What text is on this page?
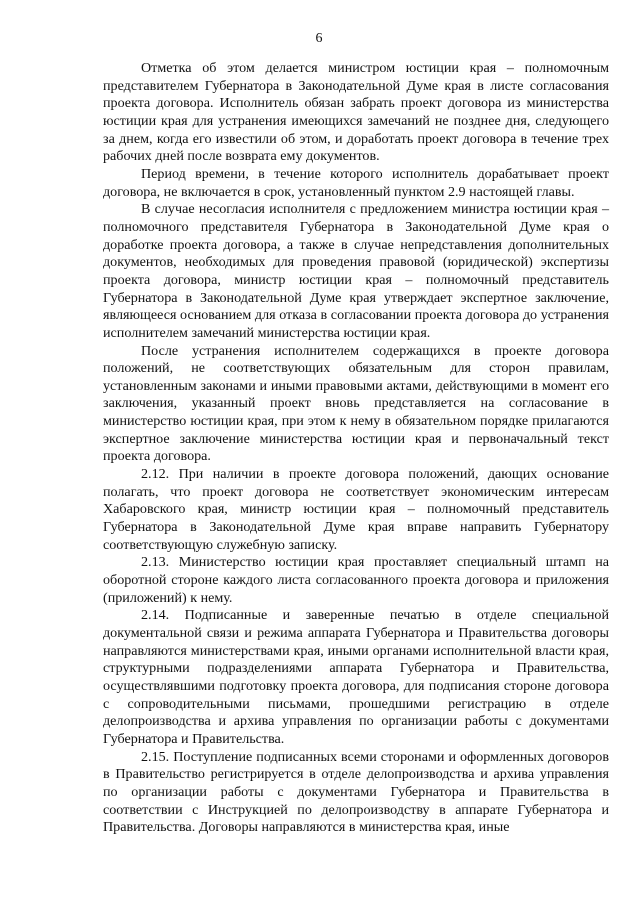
6

Отметка об этом делается министром юстиции края – полномочным представителем Губернатора в Законодательной Думе края в листе согласования проекта договора. Исполнитель обязан забрать проект договора из министерства юстиции края для устранения имеющихся замечаний не позднее дня, следующего за днем, когда его известили об этом, и доработать проект договора в течение трех рабочих дней после возврата ему документов.

Период времени, в течение которого исполнитель дорабатывает проект договора, не включается в срок, установленный пунктом 2.9 настоящей главы.

В случае несогласия исполнителя с предложением министра юстиции края – полномочного представителя Губернатора в Законодательной Думе края о доработке проекта договора, а также в случае непредставления дополнительных документов, необходимых для проведения правовой (юридической) экспертизы проекта договора, министр юстиции края – полномочный представитель Губернатора в Законодательной Думе края утверждает экспертное заключение, являющееся основанием для отказа в согласовании проекта договора до устранения исполнителем замечаний министерства юстиции края.

После устранения исполнителем содержащихся в проекте договора положений, не соответствующих обязательным для сторон правилам, установленным законами и иными правовыми актами, действующими в момент его заключения, указанный проект вновь представляется на согласование в министерство юстиции края, при этом к нему в обязательном порядке прилагаются экспертное заключение министерства юстиции края и первоначальный текст проекта договора.

2.12. При наличии в проекте договора положений, дающих основание полагать, что проект договора не соответствует экономическим интересам Хабаровского края, министр юстиции края – полномочный представитель Губернатора в Законодательной Думе края вправе направить Губернатору соответствующую служебную записку.

2.13. Министерство юстиции края проставляет специальный штамп на оборотной стороне каждого листа согласованного проекта договора и приложения (приложений) к нему.

2.14. Подписанные и заверенные печатью в отделе специальной документальной связи и режима аппарата Губернатора и Правительства договоры направляются министерствами края, иными органами исполнительной власти края, структурными подразделениями аппарата Губернатора и Правительства, осуществлявшими подготовку проекта договора, для подписания стороне договора с сопроводительными письмами, прошедшими регистрацию в отделе делопроизводства и архива управления по организации работы с документами Губернатора и Правительства.

2.15. Поступление подписанных всеми сторонами и оформленных договоров в Правительство регистрируется в отделе делопроизводства и архива управления по организации работы с документами Губернатора и Правительства в соответствии с Инструкцией по делопроизводству в аппарате Губернатора и Правительства. Договоры направляются в министерства края, иные
